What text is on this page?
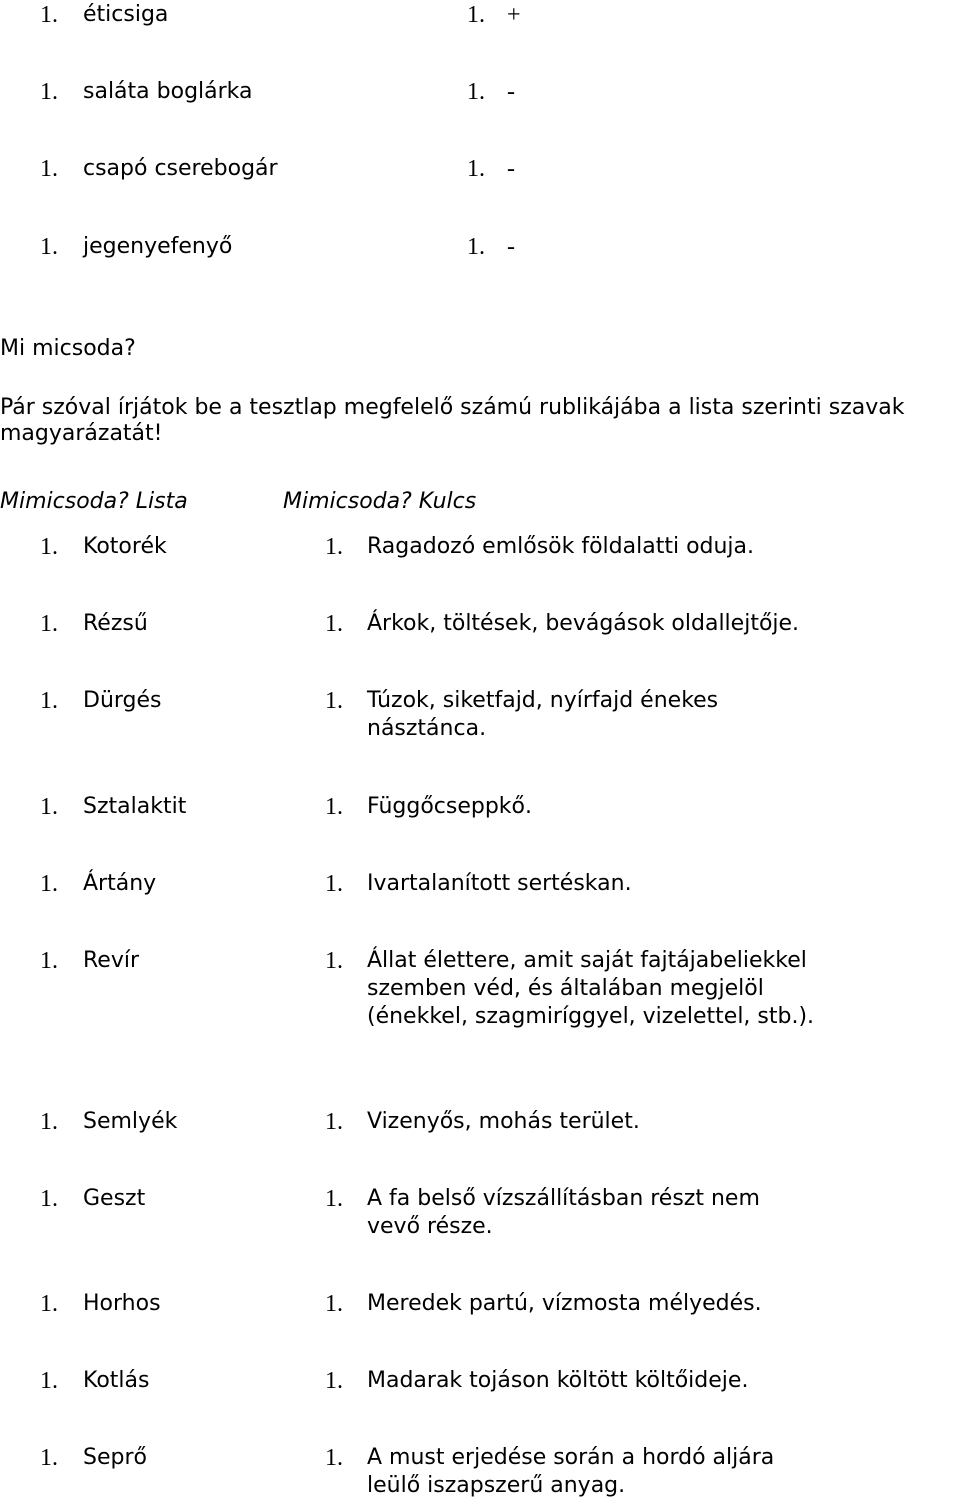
1. éticsiga	1. +
1. saláta boglárka	1. -
1. csapó cserebogár	1. -
1. jegenyefenyő	1. -
Mi micsoda?
Pár szóval írjátok be a tesztlap megfelelő számú rublikájába a lista szerinti szavak magyarázatát!
Mimicsoda? Lista	Mimicsoda? Kulcs
1. Kotorék	1. Ragadozó emlősök földalatti oduja.
1. Rézsű	1. Árkok, töltések, bevágások oldallejtője.
1. Dürgés	1. Túzok, siketfajd, nyírfajd énekes násztánca.
1. Sztalaktit	1. Függőcseppkő.
1. Ártány	1. Ivartalanított sertéskan.
1. Revír	1. Állat élettere, amit saját fajtájabeliekkel szemben véd, és általában megjelöl (énekkel, szagmiríggyel, vizelettel, stb.).
1. Semlyék	1. Vizenyős, mohás terület.
1. Geszt	1. A fa belső vízszállításban részt nem vevő része.
1. Horhos	1. Meredek partú, vízmosta mélyedés.
1. Kotlás	1. Madarak tojáson költött költőideje.
1. Seprő	1. A must erjedése során a hordó aljára leülő iszapszerű anyag.
